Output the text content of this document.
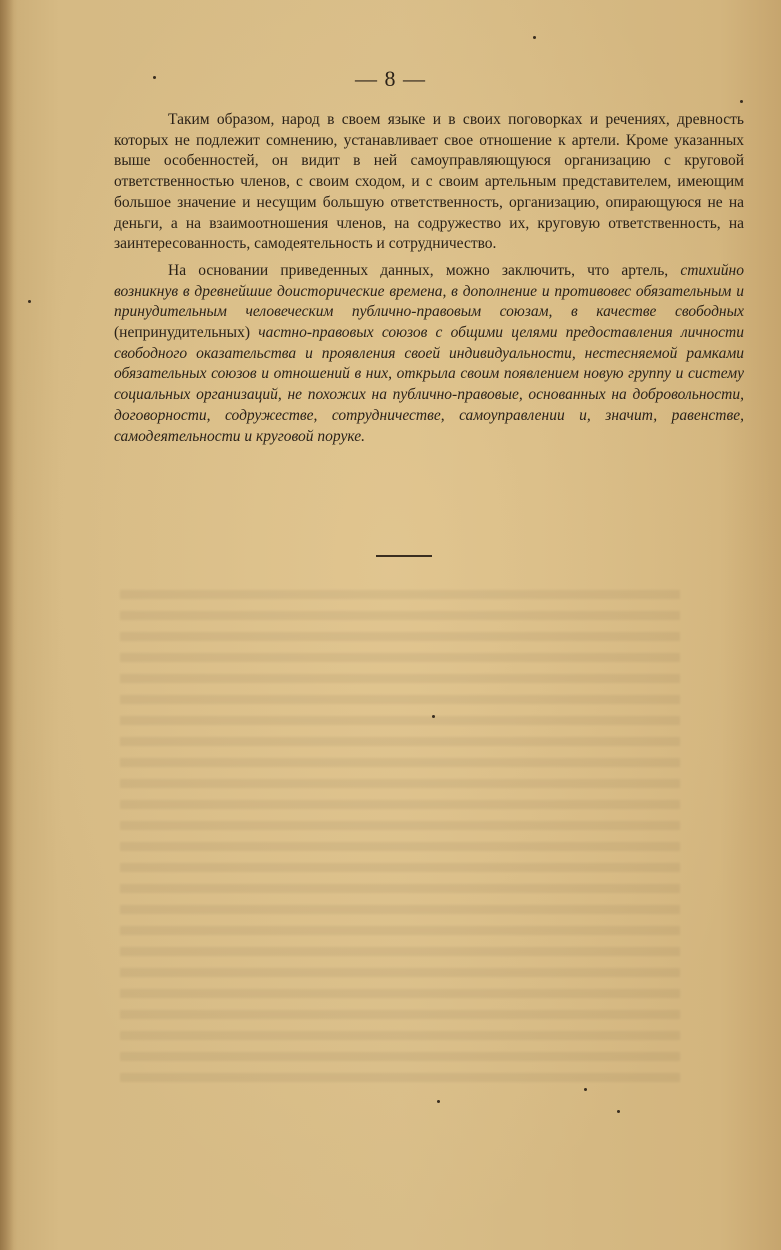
— 8 —

Таким образом, народ в своем языке и в своих поговорках и речениях, древность которых не подлежит сомнению, устанавливает свое отношение к артели. Кроме указанных выше особенностей, он видит в ней самоуправляющуюся организацию с круговой ответственностью членов, с своим сходом, и с своим артельным представителем, имеющим большое значение и несущим большую ответственность, организацию, опирающуюся не на деньги, а на взаимоотношения членов, на содружество их, круговую ответственность, на заинтересованность, самодеятельность и сотрудничество.

На основании приведенных данных, можно заключить, что артель, стихийно возникнув в древнейшие доисторические времена, в дополнение и противовес обязательным и принудительным человеческим публично-правовым союзам, в качестве свободных (непринудительных) частно-правовых союзов с общими целями предоставления личности свободного оказательства и проявления своей индивидуальности, нестесняемой рамками обязательных союзов и отношений в них, открыла своим появлением новую группу и систему социальных организаций, не похожих на публично-правовые, основанных на добровольности, договорности, содружестве, сотрудничестве, самоуправлении и, значит, равенстве, самодеятельности и круговой поруке.
